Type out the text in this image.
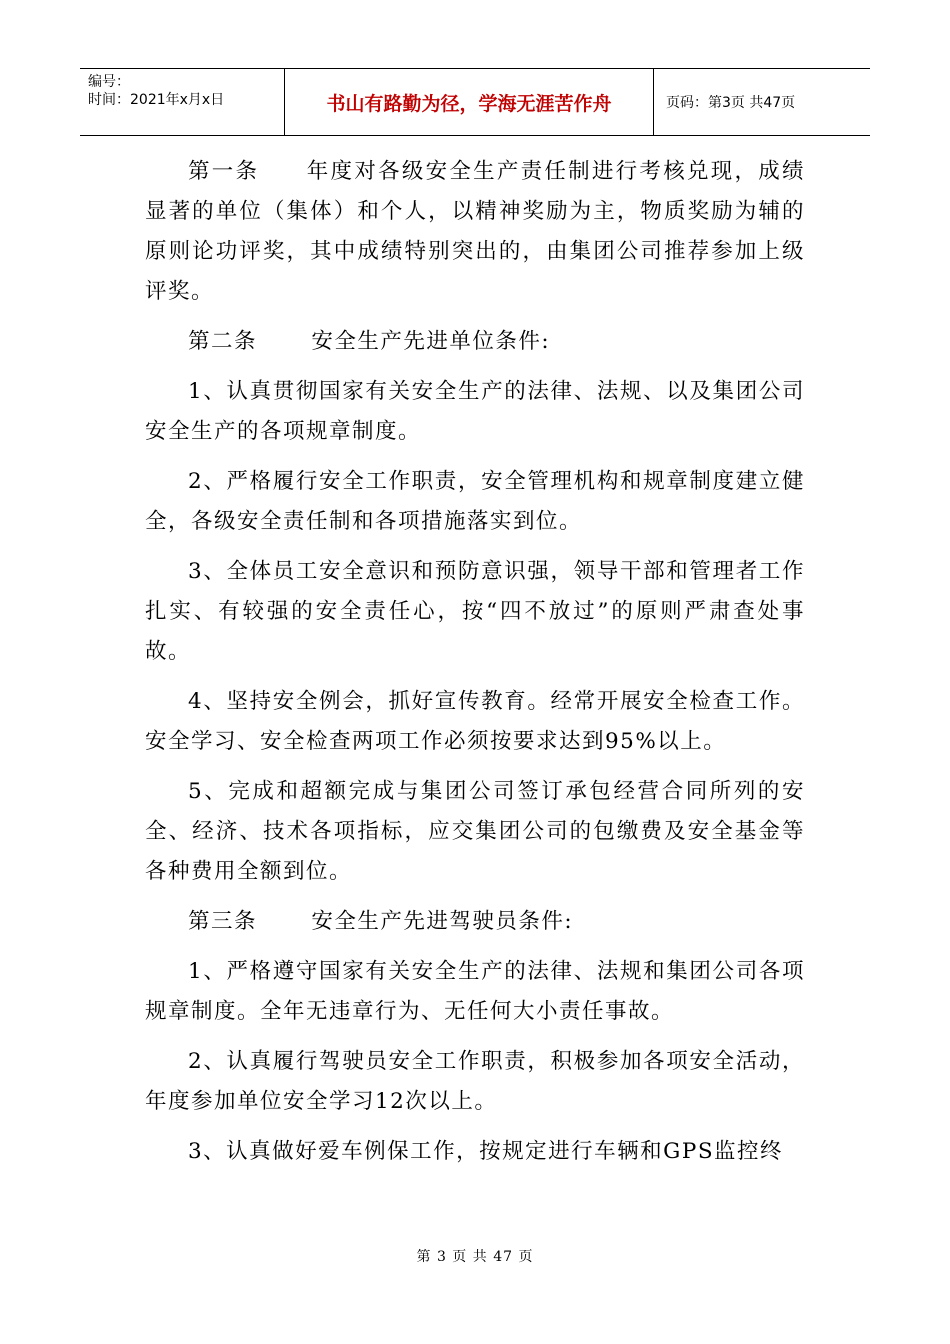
编号：
时间：2021年x月x日	书山有路勤为径，学海无涯苦作舟	页码：第3页 共47页

第一条　　年度对各级安全生产责任制进行考核兑现，成绩显著的单位（集体）和个人，以精神奖励为主，物质奖励为辅的原则论功评奖，其中成绩特别突出的，由集团公司推荐参加上级评奖。

第二条　　 安全生产先进单位条件:

1、认真贯彻国家有关安全生产的法律、法规、以及集团公司安全生产的各项规章制度。

2、严格履行安全工作职责，安全管理机构和规章制度建立健全，各级安全责任制和各项措施落实到位。

3、全体员工安全意识和预防意识强，领导干部和管理者工作扎实、有较强的安全责任心，按“四不放过”的原则严肃查处事故。

4、坚持安全例会，抓好宣传教育。经常开展安全检查工作。安全学习、安全检查两项工作必须按要求达到95%以上。

5、完成和超额完成与集团公司签订承包经营合同所列的安全、经济、技术各项指标，应交集团公司的包缴费及安全基金等各种费用全额到位。

第三条　　 安全生产先进驾驶员条件:

1、严格遵守国家有关安全生产的法律、法规和集团公司各项规章制度。全年无违章行为、无任何大小责任事故。

2、认真履行驾驶员安全工作职责，积极参加各项安全活动，年度参加单位安全学习12次以上。

3、认真做好爱车例保工作，按规定进行车辆和GPS监控终

第 3 页 共 47 页
